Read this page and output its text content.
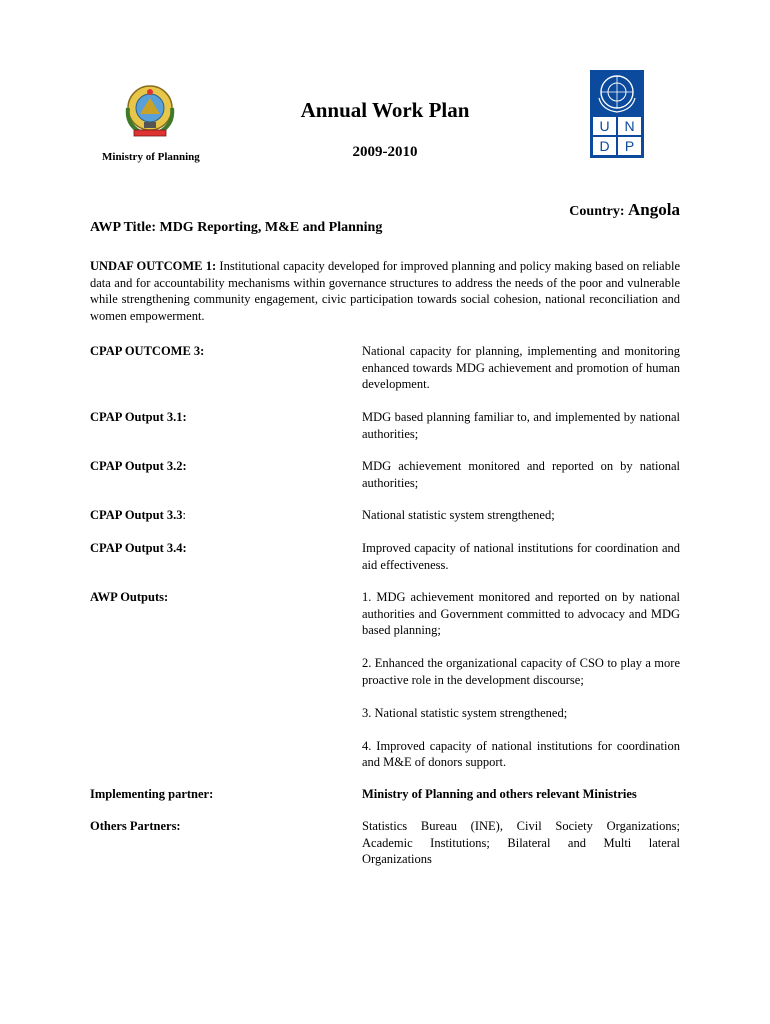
Ministry of Planning
Annual Work Plan
2009-2010
U N
D P
Country: Angola
AWP Title: MDG Reporting, M&E and Planning
UNDAF OUTCOME 1: Institutional capacity developed for improved planning and policy making based on reliable data and for accountability mechanisms within governance structures to address the needs of the poor and vulnerable while strengthening community engagement, civic participation towards social cohesion, national reconciliation and women empowerment.
CPAP OUTCOME 3:	National capacity for planning, implementing and monitoring enhanced towards MDG achievement and promotion of human development.
CPAP Output 3.1:	MDG based planning familiar to, and implemented by national authorities;
CPAP Output 3.2:	MDG achievement monitored and reported on by national authorities;
CPAP Output 3.3:	National statistic system strengthened;
CPAP Output 3.4:	Improved capacity of national institutions for coordination and aid effectiveness.
AWP Outputs:	1. MDG achievement monitored and reported on by national authorities and Government committed to advocacy and MDG based planning;

2. Enhanced the organizational capacity of CSO to play a more proactive role in the development discourse;

3. National statistic system strengthened;

4. Improved capacity of national institutions for coordination and M&E of donors support.

Implementing partner:	Ministry of Planning and others relevant Ministries
Others Partners:	Statistics Bureau (INE), Civil Society Organizations; Academic Institutions; Bilateral and Multi lateral Organizations
